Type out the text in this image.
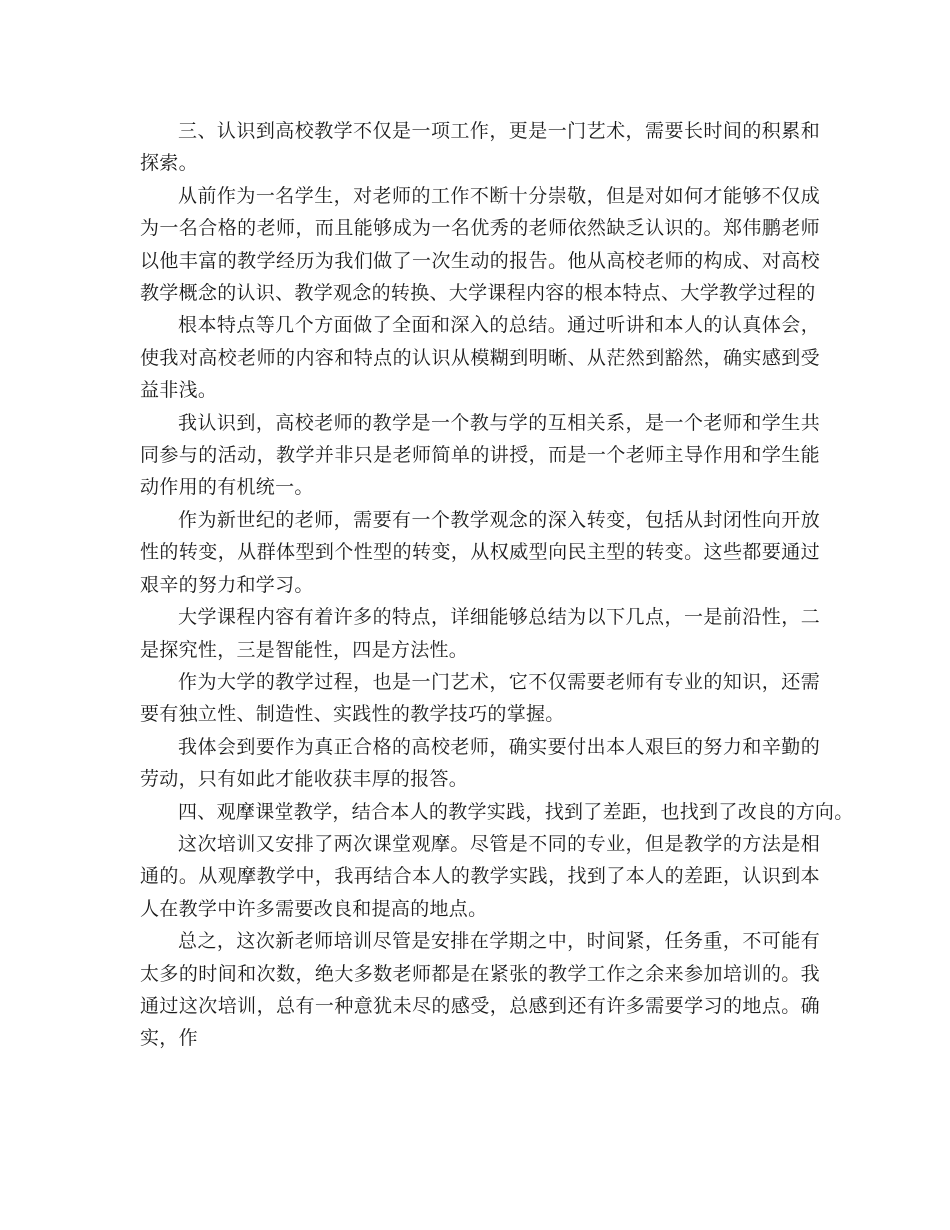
三、认识到高校教学不仅是一项工作，更是一门艺术，需要长时间的积累和探索。

从前作为一名学生，对老师的工作不断十分崇敬，但是对如何才能够不仅成为一名合格的老师，而且能够成为一名优秀的老师依然缺乏认识的。郑伟鹏老师以他丰富的教学经历为我们做了一次生动的报告。他从高校老师的构成、对高校教学概念的认识、教学观念的转换、大学课程内容的根本特点、大学教学过程的

根本特点等几个方面做了全面和深入的总结。通过听讲和本人的认真体会，使我对高校老师的内容和特点的认识从模糊到明晰、从茫然到豁然，确实感到受益非浅。

我认识到，高校老师的教学是一个教与学的互相关系，是一个老师和学生共同参与的活动，教学并非只是老师简单的讲授，而是一个老师主导作用和学生能动作用的有机统一。

作为新世纪的老师，需要有一个教学观念的深入转变，包括从封闭性向开放性的转变，从群体型到个性型的转变，从权威型向民主型的转变。这些都要通过艰辛的努力和学习。

大学课程内容有着许多的特点，详细能够总结为以下几点，一是前沿性，二是探究性，三是智能性，四是方法性。

作为大学的教学过程，也是一门艺术，它不仅需要老师有专业的知识，还需要有独立性、制造性、实践性的教学技巧的掌握。

我体会到要作为真正合格的高校老师，确实要付出本人艰巨的努力和辛勤的劳动，只有如此才能收获丰厚的报答。

四、观摩课堂教学，结合本人的教学实践，找到了差距，也找到了改良的方向。

这次培训又安排了两次课堂观摩。尽管是不同的专业，但是教学的方法是相通的。从观摩教学中，我再结合本人的教学实践，找到了本人的差距，认识到本人在教学中许多需要改良和提高的地点。

总之，这次新老师培训尽管是安排在学期之中，时间紧，任务重，不可能有太多的时间和次数，绝大多数老师都是在紧张的教学工作之余来参加培训的。我通过这次培训，总有一种意犹未尽的感受，总感到还有许多需要学习的地点。确实，作
